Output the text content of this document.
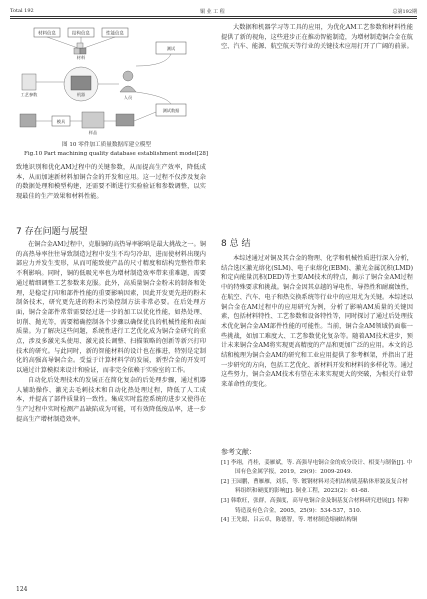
Total 192	铜 业 工 程	总第192期
材料信息	结构信息	性能信息
材料
机器
人员
工艺参数
测试
测试数据
模具
样品
图 10 零件加工质量数据库建立模型
Fig.10 Part machining quality database establishment model[28]

致地识别和优化AM过程中的关键参数，从而提高生产效率，降低成本，从而加速新材料加铜合金的开发和应用。这一过程不仅涉及复杂的数据处理和模型构建，还需要不断进行实验验证和参数调整，以实现最佳的生产效果和材料性能。

7 存在问题与展望

在铜合金AM过程中，克服铜的高热导率影响是最大挑战之一。铜的高热导率往往导致制造过程中发生不均匀冷却，进而使材料出现内部应力并发生变形，从而可能致使产品的尺寸精度和结构完整性带来不利影响。同时，铜的低吸光率也为增材制造效率带来重难题，需要通过精细调整工艺参数来克服。此外，高质量铜合金粉末的制备和处理，是稳定打印和部件性能的重要影响因素，因此开发更先进的粉末制备技术，研究更先进的粉末污染控制方法非常必要。在后处理方面，铜合金部件常常需要经过进一步的加工以优化性能，如热处理、切削、抛光等，需要精确控制各个步骤以确保优良的机械性能和表面质量。为了解决这些问题，系统性进行工艺优化成为铜合金研究的重点，涉及多激光头使用、激光波长调整、扫描策略的创新等新兴打印技术的研究。与此同时，新的智能材料的设计也在推进，特别是定制化的高强高导铜合金。受益于计算材料学的发展，新型合金的开发可以通过计算模拟来设计和验证，而非完全依赖于实验室的工作。

自动化后处理技术的发展正在简化复杂的后处理步骤，通过机器人辅助操作、激光去毛刺技术和自动化热处理过程，降低了人工成本，并提高了部件质量的一致性。集成实时监控系统的进步又使得在生产过程中实时检测产品缺陷成为可能，可有效降低废品率，进一步提高生产增材制造效率。

大数据和机器学习等工具的应用，为优化AM工艺参数和材料性能提供了新的视角，这些进步正在推动智能制造，为增材制造铜合金在航空、汽车、能源、航空航天等行业的关键技术应用打开了广阔的前景。

8 总 结

本综述通过对铜及其合金的物理、化学和机械性质进行深入分析，结合选区激光熔化(SLM)、电子束熔化(EBM)、激光金属沉积(LMD)和定向能量沉积(DED)等主要AM技术的特点，揭示了铜合金AM过程中的特殊要求和挑战。铜合金因其卓越的导电性、导热性和耐腐蚀性，在航空、汽车、电子和热交换系统等行业中的应用尤为关键。本综述以铜合金在AM过程中的应用研究为例，分析了影响AM质量的关键因素，包括材料特性、工艺参数和设备特性等，同时探讨了通过后处理技术优化铜合金AM部件性能的可能性。当前，铜合金AM领域仍面临一些挑战，如加工难度大、工艺参数优化复杂等。随着AM技术进步，预计未来铜合金AM将实现更高精度的产品和更加广泛的应用。本文的总结和梳理为铜合金AM的研究和工业应用提供了参考框架，并指出了进一步研究的方向，包括工艺优化、新材料开发和材料的多样化等。通过这些努力，铜合金AM技术有望在未来实现更大的突破，为相关行业带来革命性的变化。

参考文献：

[1] 李翊，肖桂，姜雁斌，等. 高强导电铜合金的成分设计、相变与制备[J]. 中国有色金属学报，2019，29(9)：2009-2049.

[2] 王园鹏，曹雁雁，刘乐，等. 镀钢材料对壳机结构铣基粘体形貌及复合材料组织和硬度的影响[J]. 铜业工程，2023(2)：61-68.

[3] 韩歌旺，张群，高强度，高导电铜合金及铜基复合材料研究进展[J]. 特种铸造及有色合金，2005，25(9)：534-537，510.

[4] 王先聪，吕云卓，陈德智，等. 增材制造熔融结构铜

124
